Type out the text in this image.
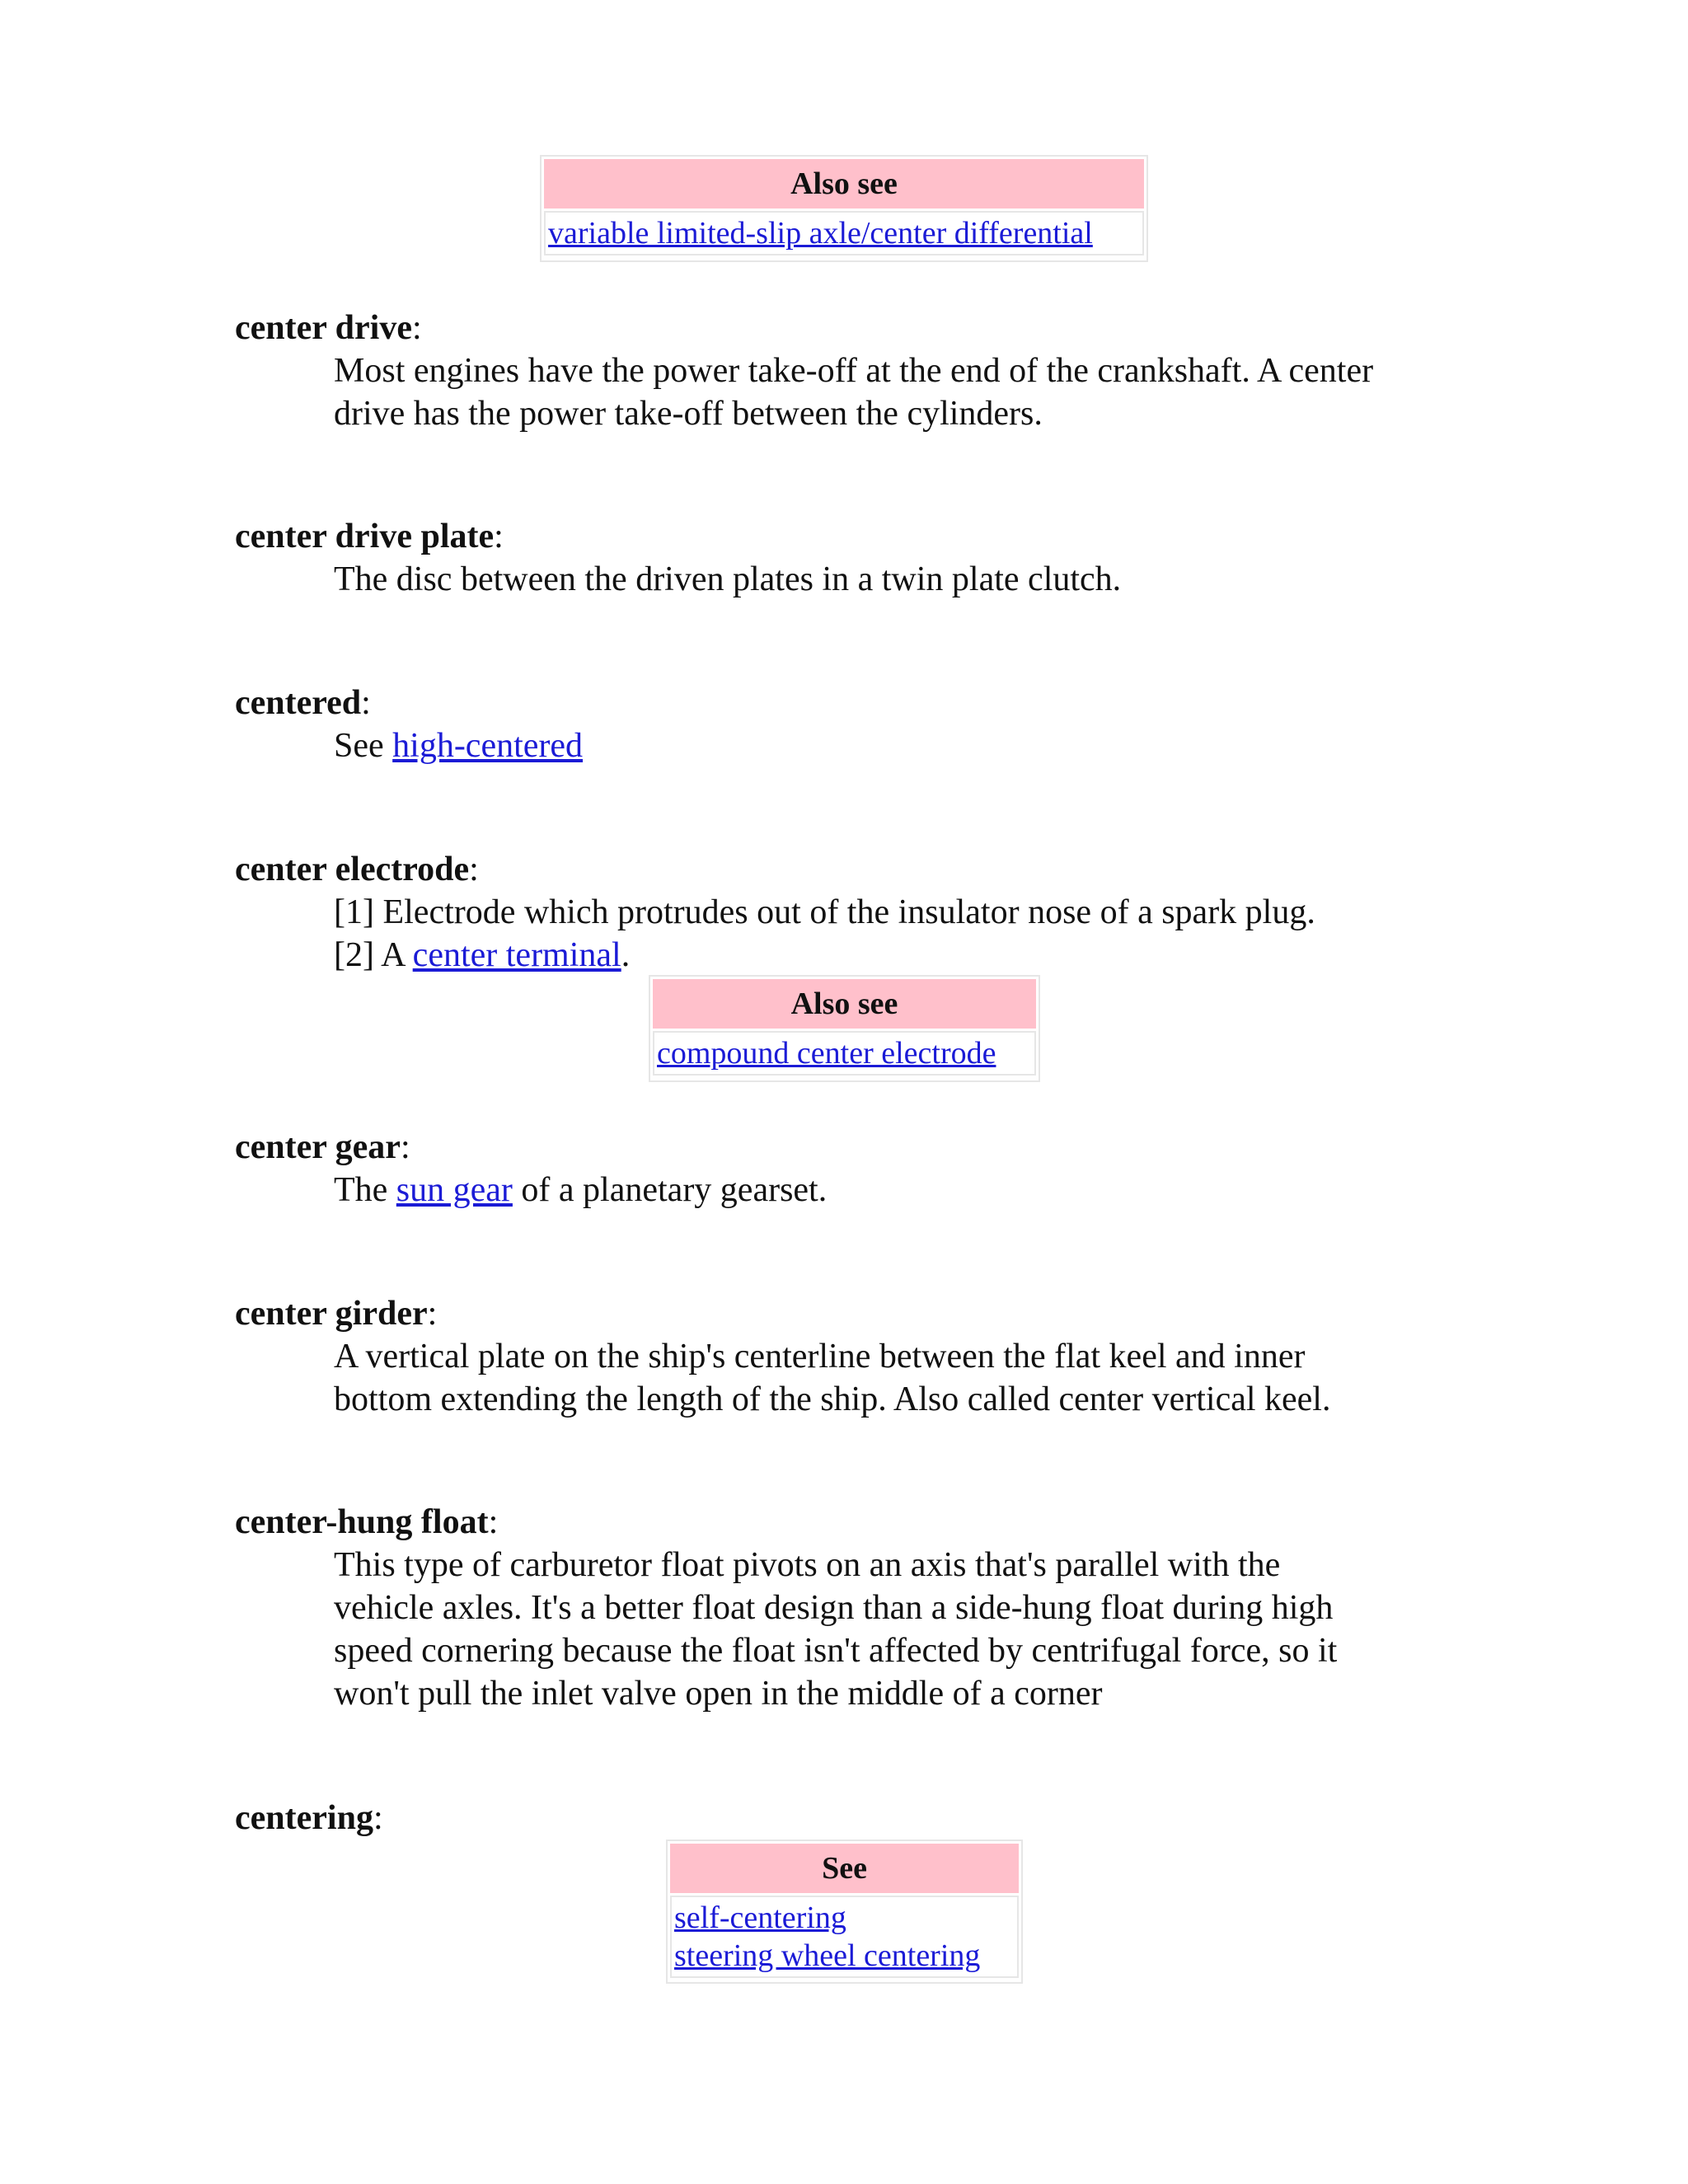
Also see
variable limited-slip axle/center differential
center drive:
Most engines have the power take-off at the end of the crankshaft. A center
drive has the power take-off between the cylinders.
center drive plate:
The disc between the driven plates in a twin plate clutch.
centered:
See high-centered
center electrode:
[1] Electrode which protrudes out of the insulator nose of a spark plug.
[2] A center terminal.
Also see
compound center electrode
center gear:
The sun gear of a planetary gearset.
center girder:
A vertical plate on the ship's centerline between the flat keel and inner
bottom extending the length of the ship. Also called center vertical keel.
center-hung float:
This type of carburetor float pivots on an axis that's parallel with the
vehicle axles. It's a better float design than a side-hung float during high
speed cornering because the float isn't affected by centrifugal force, so it
won't pull the inlet valve open in the middle of a corner
centering:
See
self-centering
steering wheel centering
